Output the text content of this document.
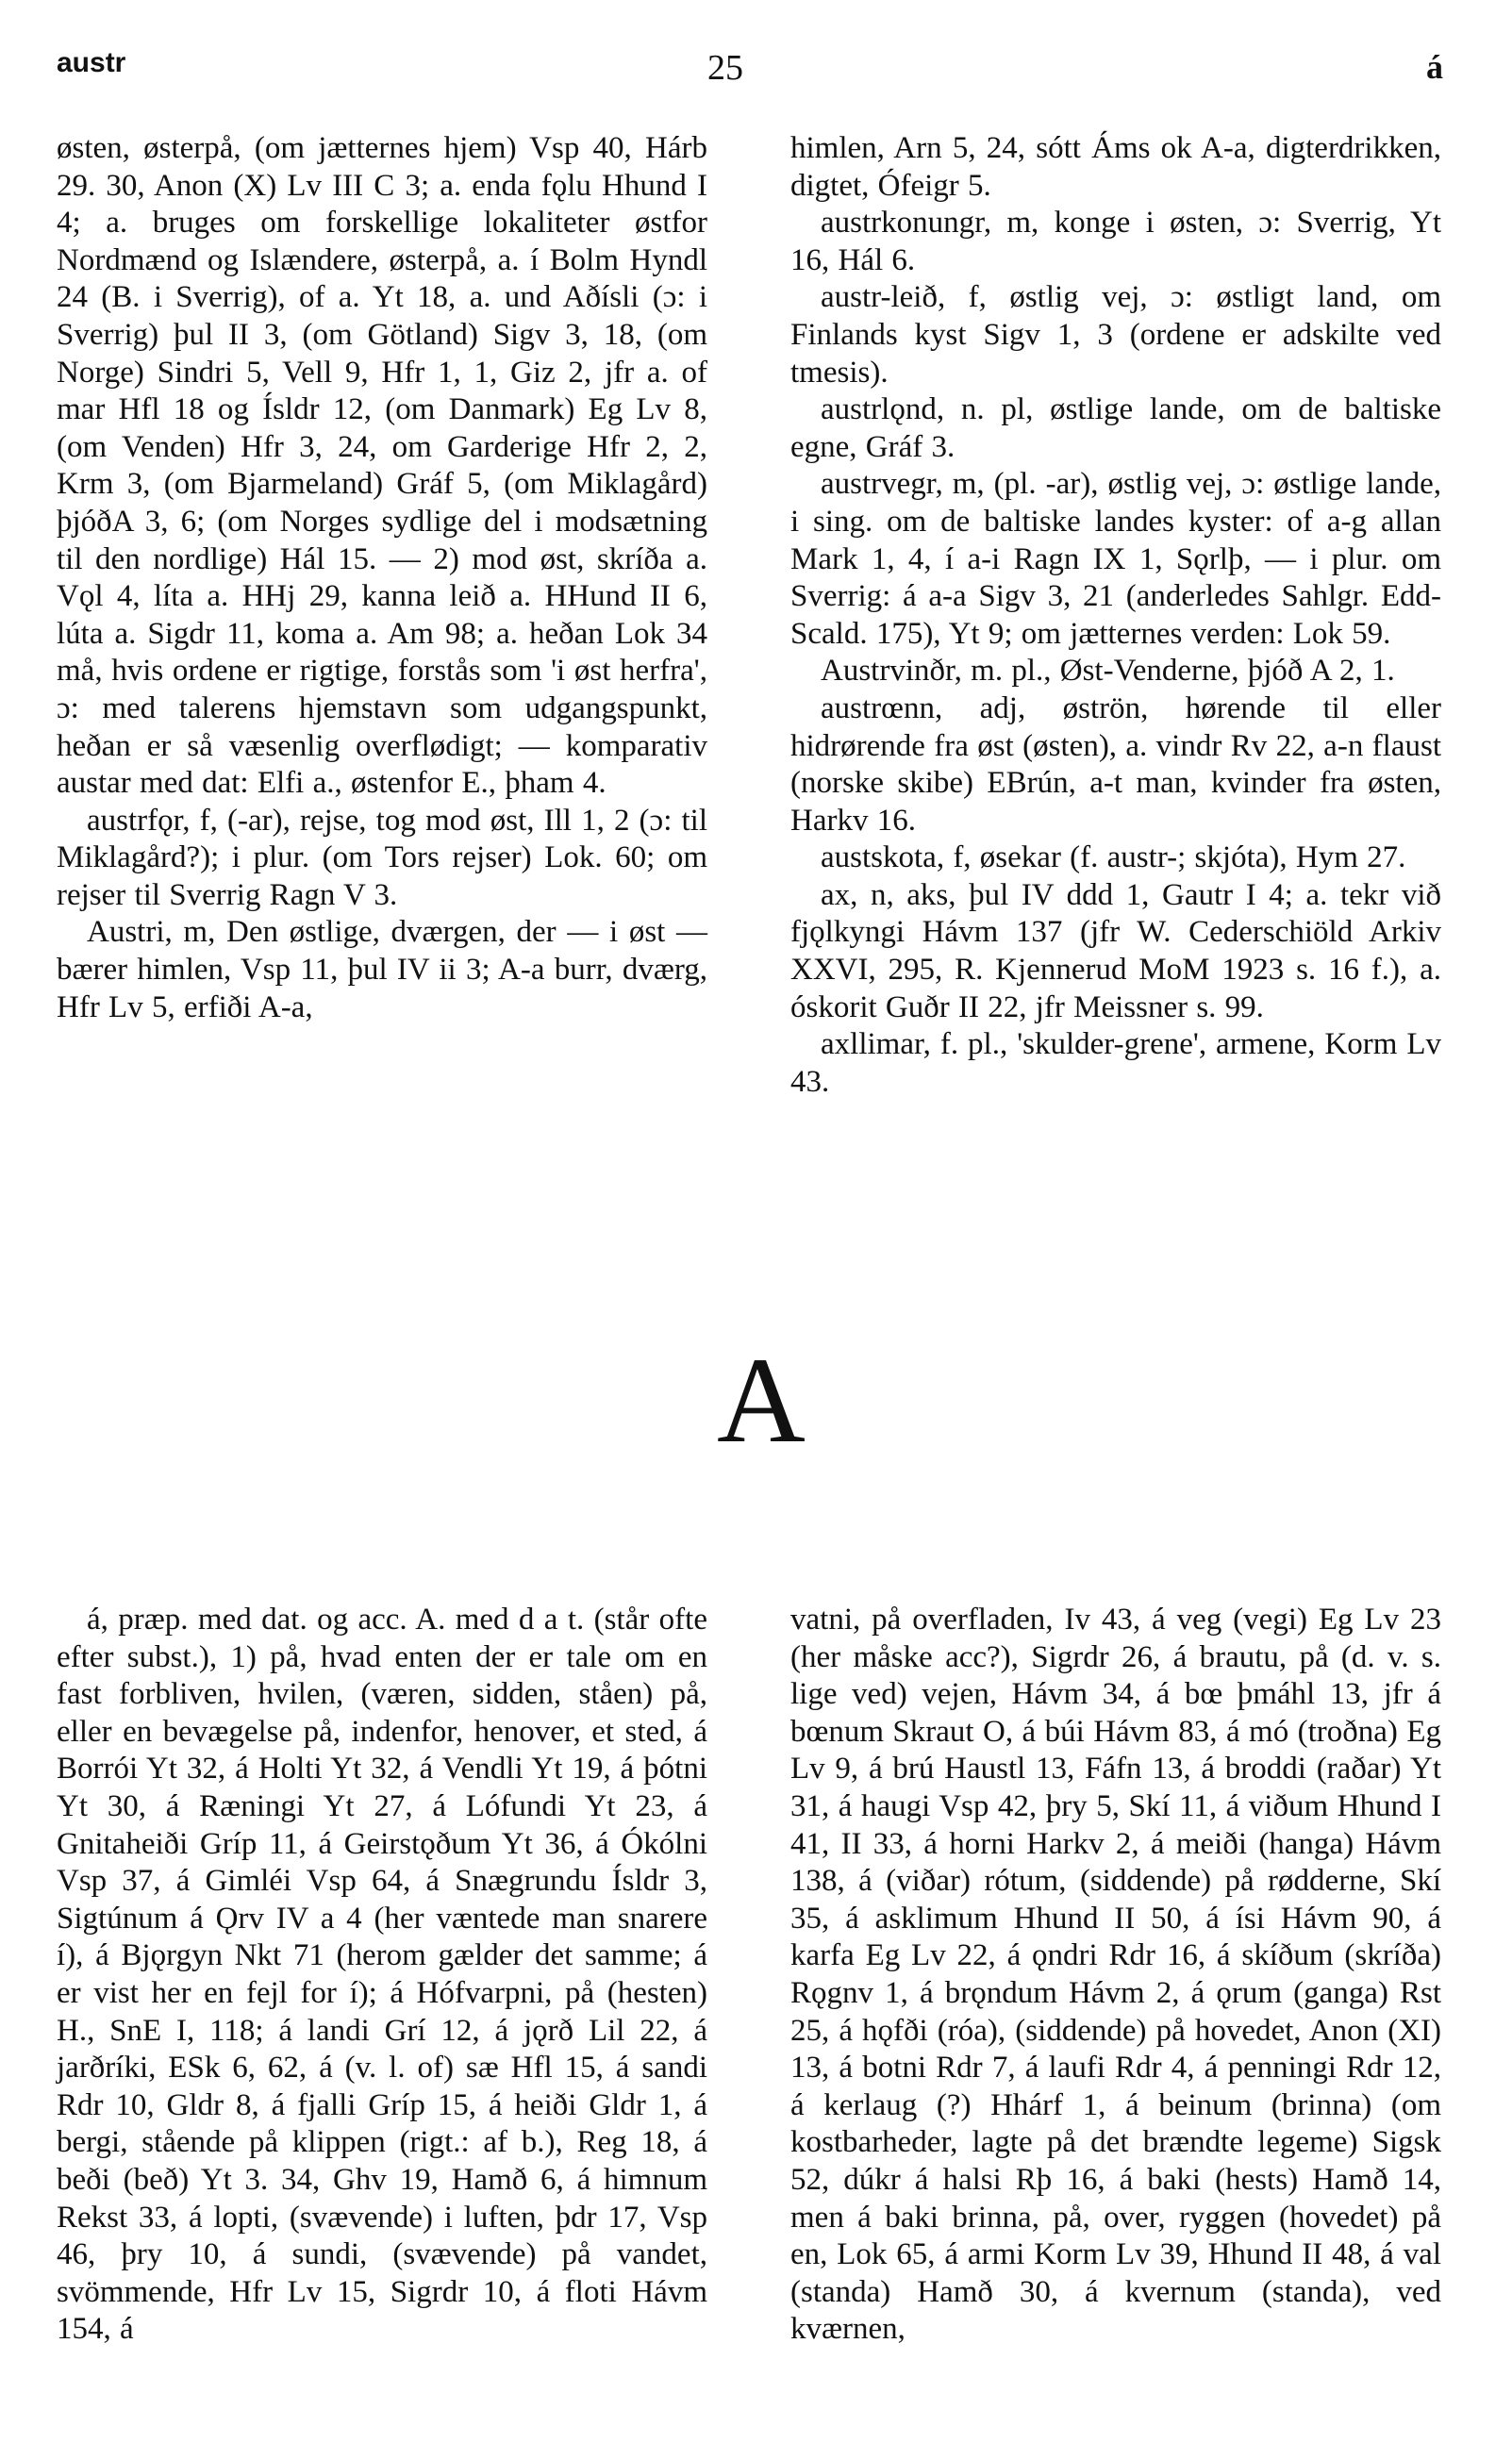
austr	25	á

østen, østerpå, (om jætternes hjem) Vsp 40, Hárb 29. 30, Anon (X) Lv III C 3; a. enda fǫlu Hhund I 4; a. bruges om forskellige lokaliteter østfor Nordmænd og Islændere, østerpå, a. í Bolm Hyndl 24 (B. i Sverrig), of a. Yt 18, a. und Aðísli (ɔ: i Sverrig) þul II 3, (om Götland) Sigv 3, 18, (om Norge) Sindri 5, Vell 9, Hfr 1, 1, Giz 2, jfr a. of mar Hfl 18 og Ísldr 12, (om Danmark) Eg Lv 8, (om Venden) Hfr 3, 24, om Garderige Hfr 2, 2, Krm 3, (om Bjarmeland) Gráf 5, (om Miklagård) þjóðA 3, 6; (om Norges sydlige del i modsætning til den nordlige) Hál 15. — 2) mod øst, skríða a. Vǫl 4, líta a. HHj 29, kanna leið a. HHund II 6, lúta a. Sigdr 11, koma a. Am 98; a. heðan Lok 34 må, hvis ordene er rigtige, forstås som 'i øst herfra', ɔ: med talerens hjemstavn som udgangspunkt, heðan er så væsenlig overflødigt; — komparativ austar med dat: Elfi a., østenfor E., þham 4.

austrfǫr, f, (-ar), rejse, tog mod øst, Ill 1, 2 (ɔ: til Miklagård?); i plur. (om Tors rejser) Lok. 60; om rejser til Sverrig Ragn V 3.

Austri, m, Den østlige, dværgen, der — i øst — bærer himlen, Vsp 11, þul IV ii 3; A-a burr, dværg, Hfr Lv 5, erfiði A-a,

himlen, Arn 5, 24, sótt Áms ok A-a, digterdrikken, digtet, Ófeigr 5.

austrkonungr, m, konge i østen, ɔ: Sverrig, Yt 16, Hál 6.

austr-leið, f, østlig vej, ɔ: østligt land, om Finlands kyst Sigv 1, 3 (ordene er adskilte ved tmesis).

austrlǫnd, n. pl, østlige lande, om de baltiske egne, Gráf 3.

austrvegr, m, (pl. -ar), østlig vej, ɔ: østlige lande, i sing. om de baltiske landes kyster: of a-g allan Mark 1, 4, í a-i Ragn IX 1, Sǫrlþ, — i plur. om Sverrig: á a-a Sigv 3, 21 (anderledes Sahlgr. Edd-Scald. 175), Yt 9; om jætternes verden: Lok 59.

Austrvinðr, m. pl., Øst-Venderne, þjóð A 2, 1.

austrœnn, adj, øströn, hørende til eller hidrørende fra øst (østen), a. vindr Rv 22, a-n flaust (norske skibe) EBrún, a-t man, kvinder fra østen, Harkv 16.

austskota, f, øsekar (f. austr-; skjóta), Hym 27.

ax, n, aks, þul IV ddd 1, Gautr I 4; a. tekr við fjǫlkyngi Hávm 137 (jfr W. Cederschiöld Arkiv XXVI, 295, R. Kjennerud MoM 1923 s. 16 f.), a. óskorit Guðr II 22, jfr Meissner s. 99.

axllimar, f. pl., 'skulder-grene', armene, Korm Lv 43.

A

á, præp. med dat. og acc. A. med d a t. (står ofte efter subst.), 1) på, hvad enten der er tale om en fast forbliven, hvilen, (væren, sidden, ståen) på, eller en bevægelse på, indenfor, henover, et sted, á Borrói Yt 32, á Holti Yt 32, á Vendli Yt 19, á þótni Yt 30, á Ræningi Yt 27, á Lófundi Yt 23, á Gnitaheiði Gríp 11, á Geirstǫðum Yt 36, á Ókólni Vsp 37, á Gimléi Vsp 64, á Snægrundu Ísldr 3, Sigtúnum á Ǫrv IV a 4 (her væntede man snarere í), á Bjǫrgyn Nkt 71 (herom gælder det samme; á er vist her en fejl for í); á Hófvarpni, på (hesten) H., SnE I, 118; á landi Grí 12, á jǫrð Lil 22, á jarðríki, ESk 6, 62, á (v. l. of) sæ Hfl 15, á sandi Rdr 10, Gldr 8, á fjalli Gríp 15, á heiði Gldr 1, á bergi, stående på klippen (rigt.: af b.), Reg 18, á beði (beð) Yt 3. 34, Ghv 19, Hamð 6, á himnum Rekst 33, á lopti, (svævende) i luften, þdr 17, Vsp 46, þry 10, á sundi, (svævende) på vandet, svömmende, Hfr Lv 15, Sigrdr 10, á floti Hávm 154, á

vatni, på overfladen, Iv 43, á veg (vegi) Eg Lv 23 (her måske acc?), Sigrdr 26, á brautu, på (d. v. s. lige ved) vejen, Hávm 34, á bœ þmáhl 13, jfr á bœnum Skraut O, á búi Hávm 83, á mó (troðna) Eg Lv 9, á brú Haustl 13, Fáfn 13, á broddi (raðar) Yt 31, á haugi Vsp 42, þry 5, Skí 11, á viðum Hhund I 41, II 33, á horni Harkv 2, á meiði (hanga) Hávm 138, á (viðar) rótum, (siddende) på rødderne, Skí 35, á asklimum Hhund II 50, á ísi Hávm 90, á karfa Eg Lv 22, á ǫndri Rdr 16, á skíðum (skríða) Rǫgnv 1, á brǫndum Hávm 2, á ǫrum (ganga) Rst 25, á hǫfði (róa), (siddende) på hovedet, Anon (XI) 13, á botni Rdr 7, á laufi Rdr 4, á penningi Rdr 12, á kerlaug (?) Hhárf 1, á beinum (brinna) (om kostbarheder, lagte på det brændte legeme) Sigsk 52, dúkr á halsi Rþ 16, á baki (hests) Hamð 14, men á baki brinna, på, over, ryggen (hovedet) på en, Lok 65, á armi Korm Lv 39, Hhund II 48, á val (standa) Hamð 30, á kvernum (standa), ved kværnen,
